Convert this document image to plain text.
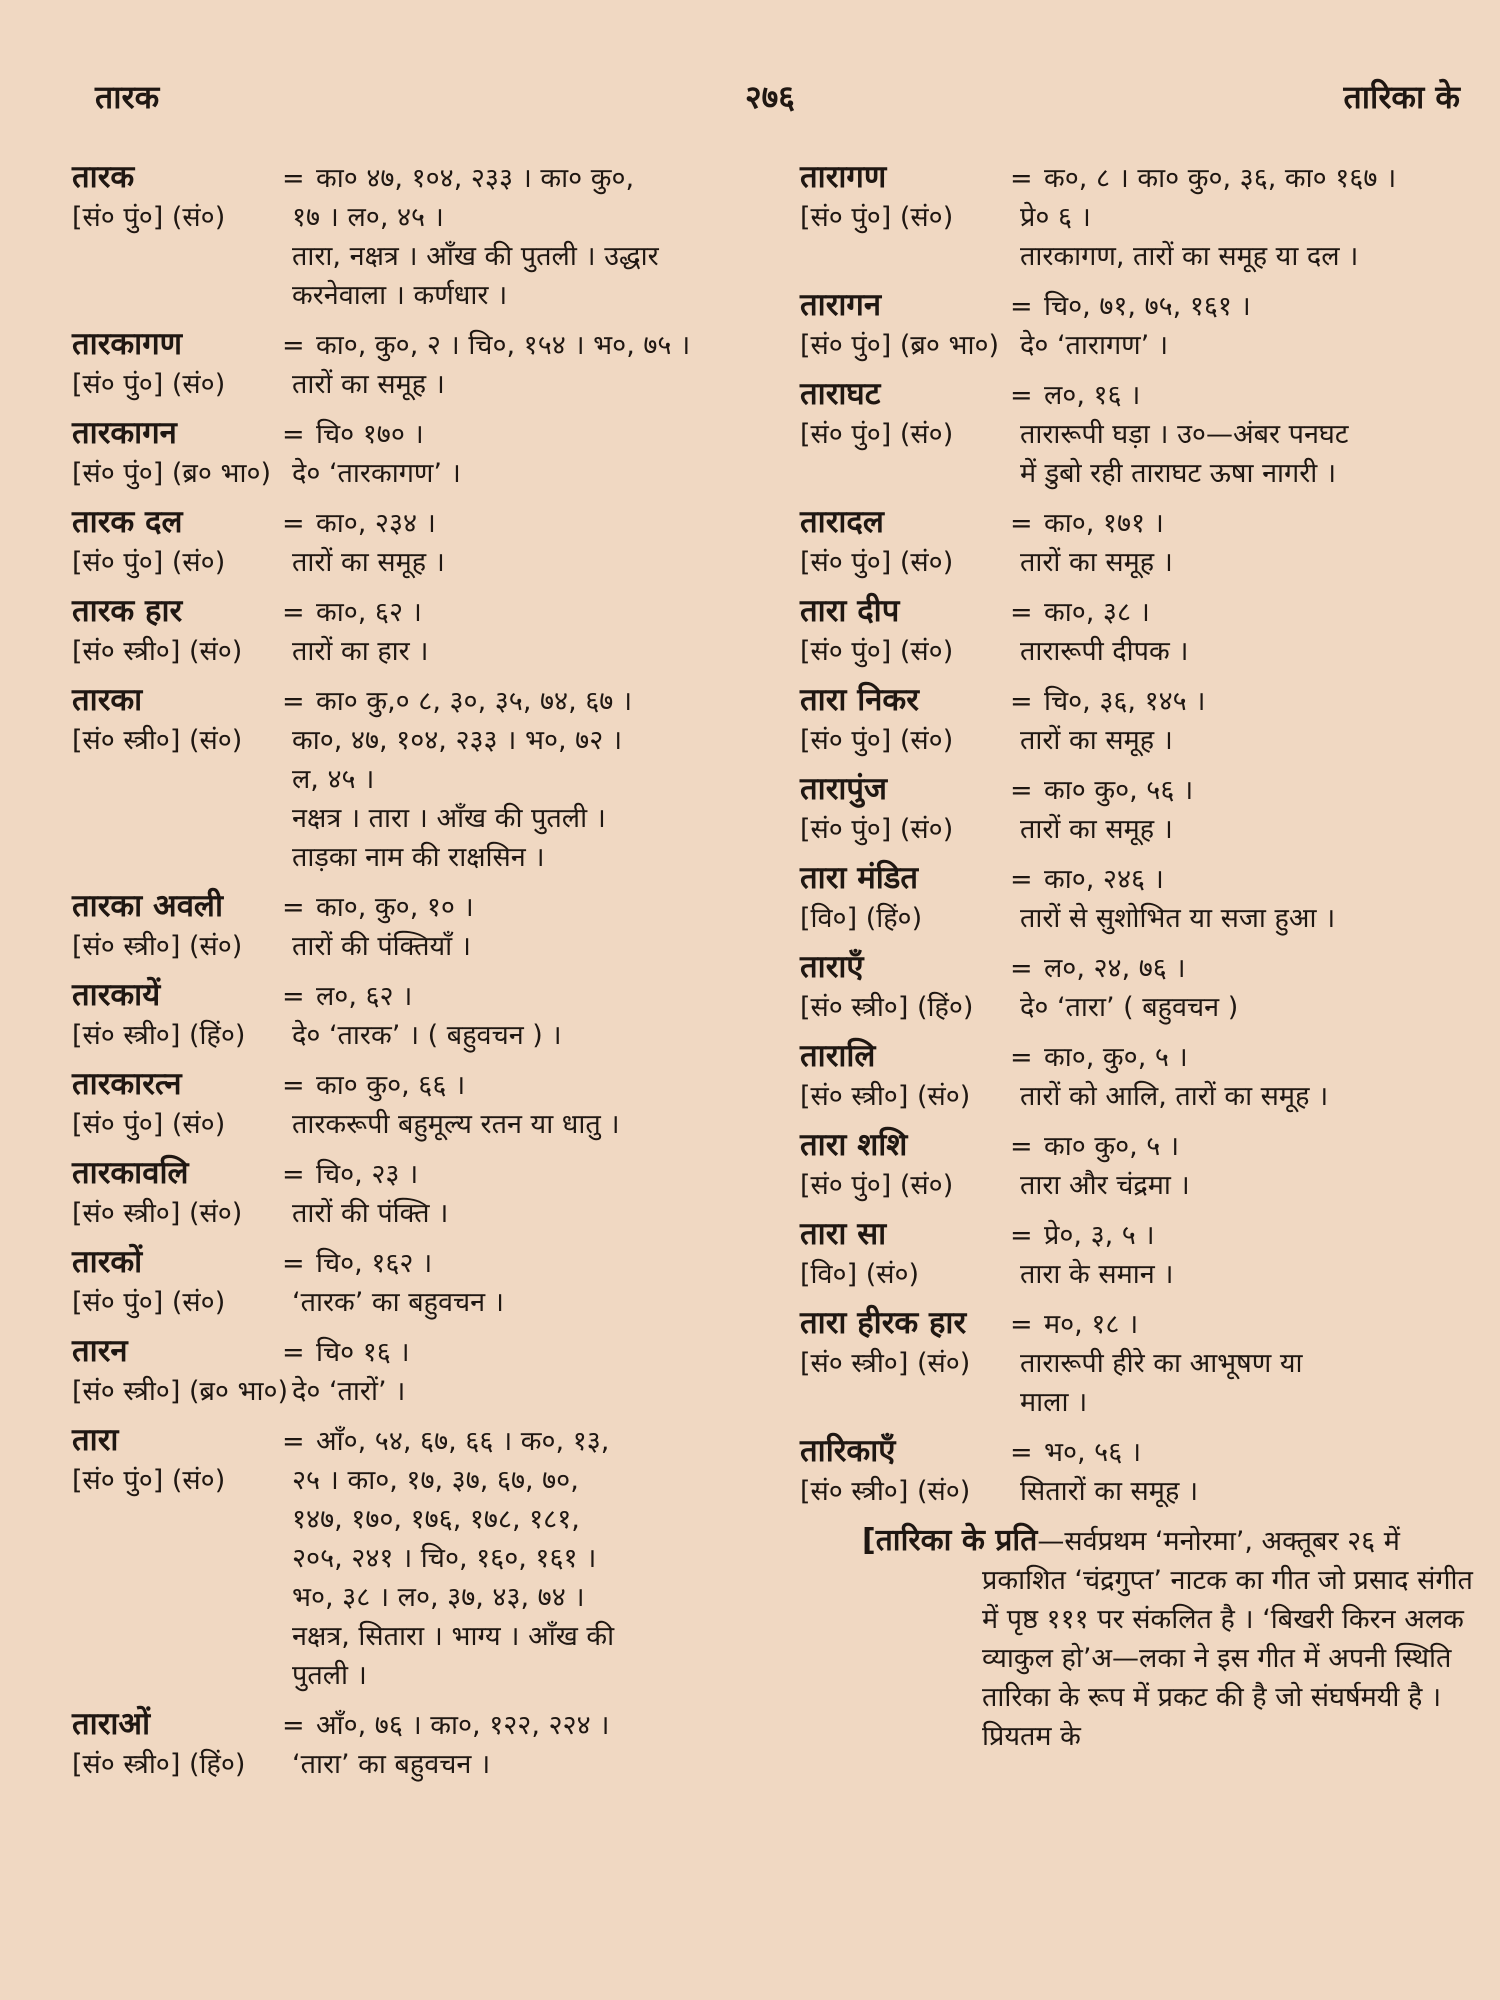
तारक	२७६	तारिका के
तारक	= का० ४७, १०४, २३३ । का० कु०,
[सं० पुं०] (सं०)	१७ । ल०, ४५ ।
तारा, नक्षत्र । आँख की पुतली । उद्धार
करनेवाला । कर्णधार ।
तारकागण	= का०, कु०, २ । चि०, १५४ । भ०, ७५ ।
[सं० पुं०] (सं०)	तारों का समूह ।
तारकागन	= चि० १७० ।
[सं० पुं०] (ब्र० भा०) दे० ‘तारकागण’ ।
तारक दल	= का०, २३४ ।
[सं० पुं०] (सं०)	तारों का समूह ।
तारक हार	= का०, ६२ ।
[सं० स्त्री०] (सं०)	तारों का हार ।
तारका	= का० कु,० ८, ३०, ३५, ७४, ६७ ।
[सं० स्त्री०] (सं०)	का०, ४७, १०४, २३३ । भ०, ७२ ।
ल, ४५ ।
नक्षत्र । तारा । आँख की पुतली ।
ताड़का नाम की राक्षसिन ।
तारका अवली	= का०, कु०, १० ।
[सं० स्त्री०] (सं०)	तारों की पंक्तियाँ ।
तारकायें	= ल०, ६२ ।
[सं० स्त्री०] (हिं०)	दे० ‘तारक’ । ( बहुवचन ) ।
तारकारत्न	= का० कु०, ६६ ।
[सं० पुं०] (सं०)	तारकरूपी बहुमूल्य रतन या धातु ।
तारकावलि	= चि०, २३ ।
[सं० स्त्री०] (सं०)	तारों की पंक्ति ।
तारकों	= चि०, १६२ ।
[सं० पुं०] (सं०)	‘तारक’ का बहुवचन ।
तारन	= चि० १६ ।
[सं० स्त्री०] (ब्र० भा०) दे० ‘तारों’ ।
तारा	= आँ०, ५४, ६७, ६६ । क०, १३,
[सं० पुं०] (सं०)	२५ । का०, १७, ३७, ६७, ७०,
१४७, १७०, १७६, १७८, १८१,
२०५, २४१ । चि०, १६०, १६१ ।
भ०, ३८ । ल०, ३७, ४३, ७४ ।
नक्षत्र, सितारा । भाग्य । आँख की
पुतली ।
ताराओं	= आँ०, ७६ । का०, १२२, २२४ ।
[सं० स्त्री०] (हिं०)	‘तारा’ का बहुवचन ।
तारागण	= क०, ८ । का० कु०, ३६, का० १६७ ।
[सं० पुं०] (सं०)	प्रे० ६ ।
तारकागण, तारों का समूह या दल ।
तारागन	= चि०, ७१, ७५, १६१ ।
[सं० पुं०] (ब्र० भा०) दे० ‘तारागण’ ।
ताराघट	= ल०, १६ ।
[सं० पुं०] (सं०)	तारारूपी घड़ा । उ०—अंबर पनघट
में डुबो रही ताराघट ऊषा नागरी ।
तारादल	= का०, १७१ ।
[सं० पुं०] (सं०)	तारों का समूह ।
तारा दीप	= का०, ३८ ।
[सं० पुं०] (सं०)	तारारूपी दीपक ।
तारा निकर	= चि०, ३६, १४५ ।
[सं० पुं०] (सं०)	तारों का समूह ।
तारापुंज	= का० कु०, ५६ ।
[सं० पुं०] (सं०)	तारों का समूह ।
तारा मंडित	= का०, २४६ ।
[वि०] (हिं०)	तारों से सुशोभित या सजा हुआ ।
ताराएँ	= ल०, २४, ७६ ।
[सं० स्त्री०] (हिं०)	दे० ‘तारा’ ( बहुवचन )
तारालि	= का०, कु०, ५ ।
[सं० स्त्री०] (सं०)	तारों को आलि, तारों का समूह ।
तारा शशि	= का० कु०, ५ ।
[सं० पुं०] (सं०)	तारा और चंद्रमा ।
तारा सा	= प्रे०, ३, ५ ।
[वि०] (सं०)	तारा के समान ।
तारा हीरक हार	= म०, १८ ।
[सं० स्त्री०] (सं०)	तारारूपी हीरे का आभूषण या
माला ।
तारिकाएँ	= भ०, ५६ ।
[सं० स्त्री०] (सं०)	सितारों का समूह ।
[तारिका के प्रति—सर्वप्रथम ‘मनोरमा’, अक्तूबर २६ में प्रकाशित ‘चंद्रगुप्त’ नाटक का गीत जो प्रसाद संगीत में पृष्ठ १११ पर संकलित है । ‘बिखरी किरन अलक व्याकुल हो’अ—लका ने इस गीत में अपनी स्थिति तारिका के रूप में प्रकट की है जो संघर्षमयी है । प्रियतम के
